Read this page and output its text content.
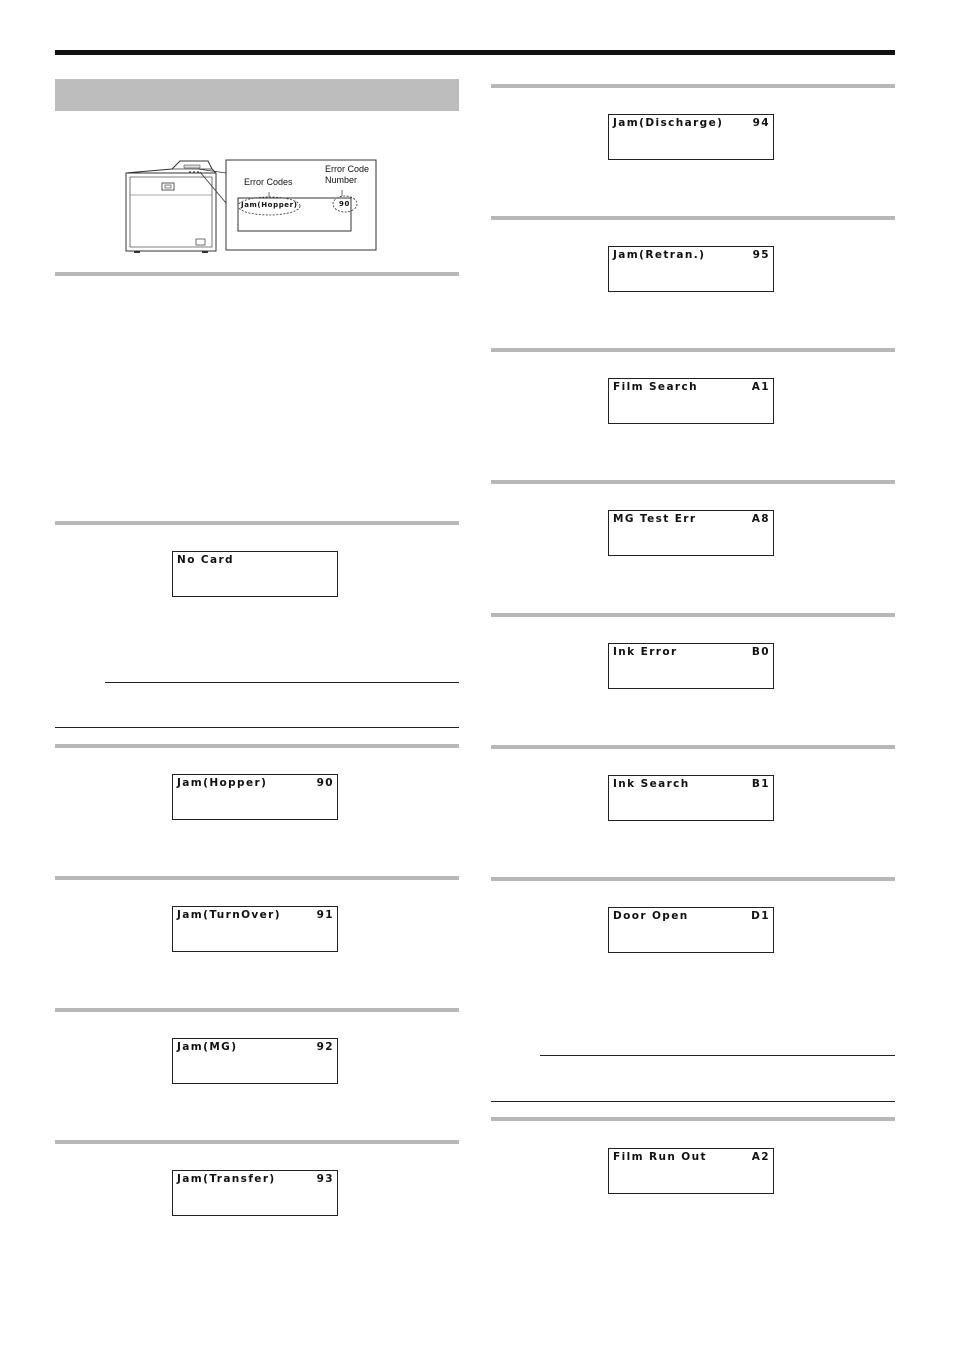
Error Codes
Error Code
Number
Jam(Hopper)	90
No Card
Jam(Hopper)	90
Jam(TurnOver)	91
Jam(MG)	92
Jam(Transfer)	93
Jam(Discharge)	94
Jam(Retran.)	95
Film Search	A1
MG Test Err	A8
Ink Error	B0
Ink Search	B1
Door Open	D1
Film Run Out	A2
